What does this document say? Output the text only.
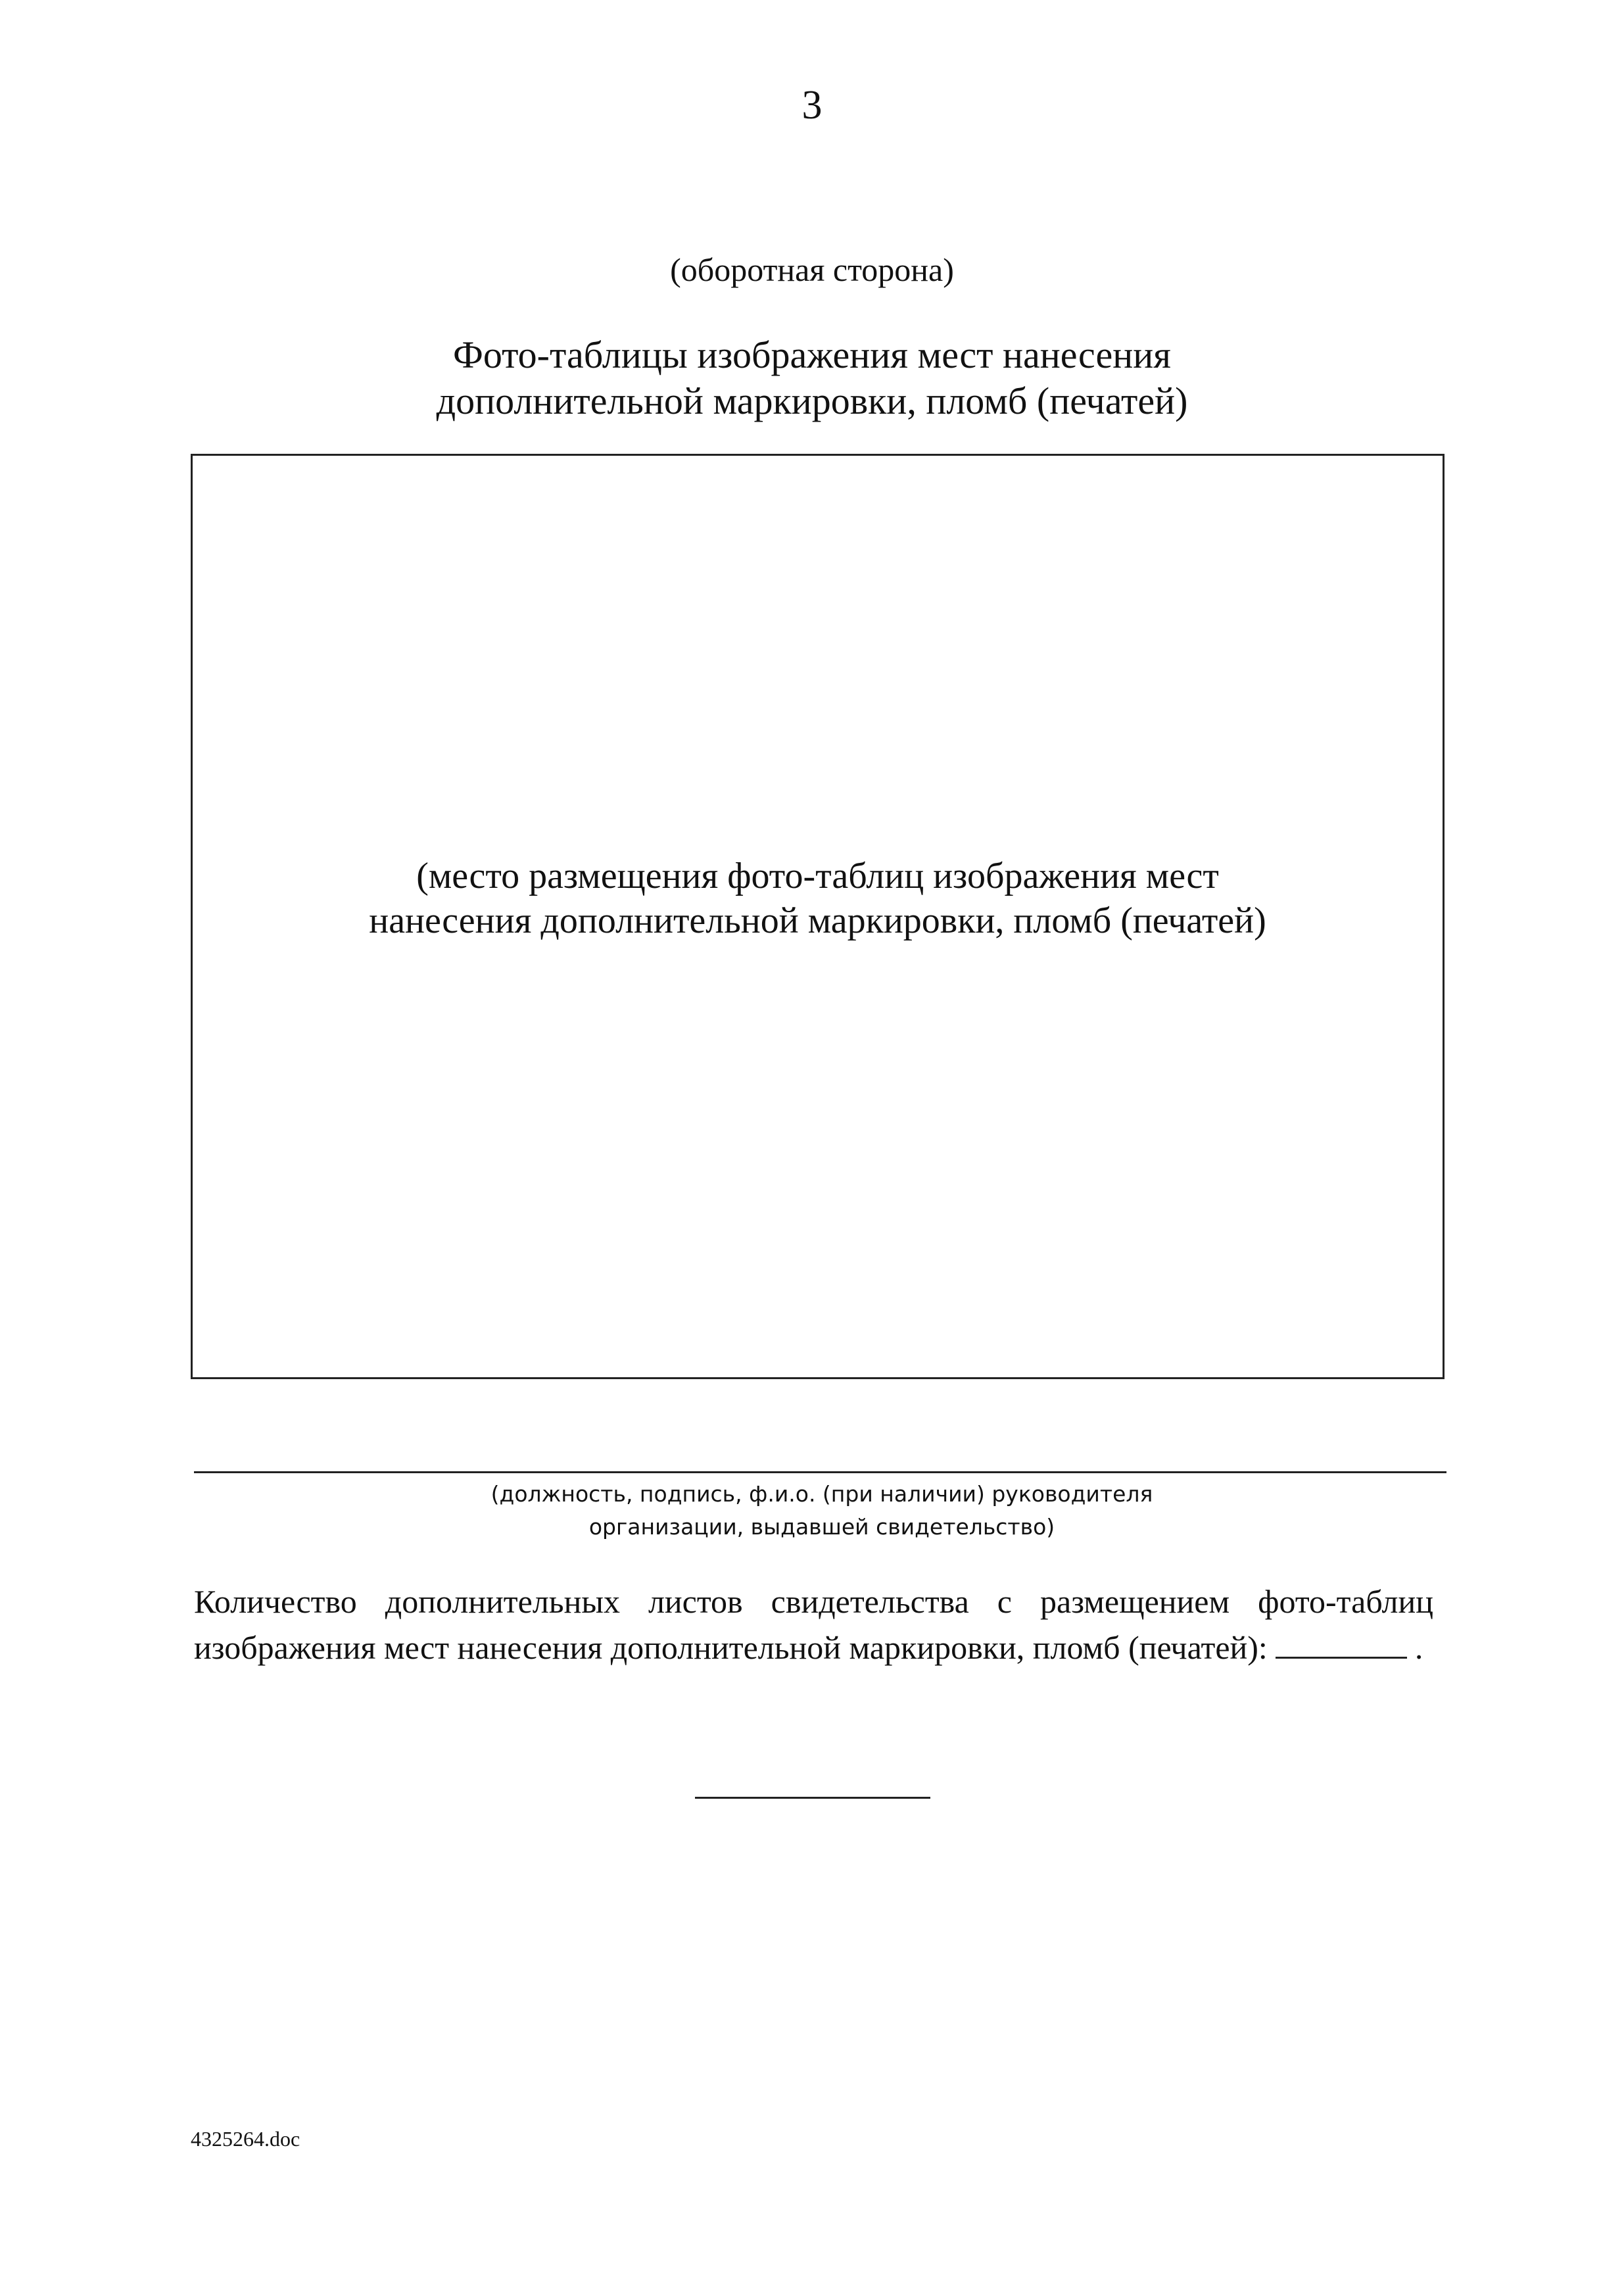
3
(оборотная сторона)
Фото-таблицы изображения мест нанесения
дополнительной маркировки, пломб (печатей)
(место размещения фото-таблиц изображения мест
нанесения дополнительной маркировки, пломб (печатей)
(должность, подпись, ф.и.о. (при наличии) руководителя
организации, выдавшей свидетельство)
Количество дополнительных листов свидетельства с размещением фото-таблиц
изображения мест нанесения дополнительной маркировки, пломб (печатей):	.
4325264.doc
